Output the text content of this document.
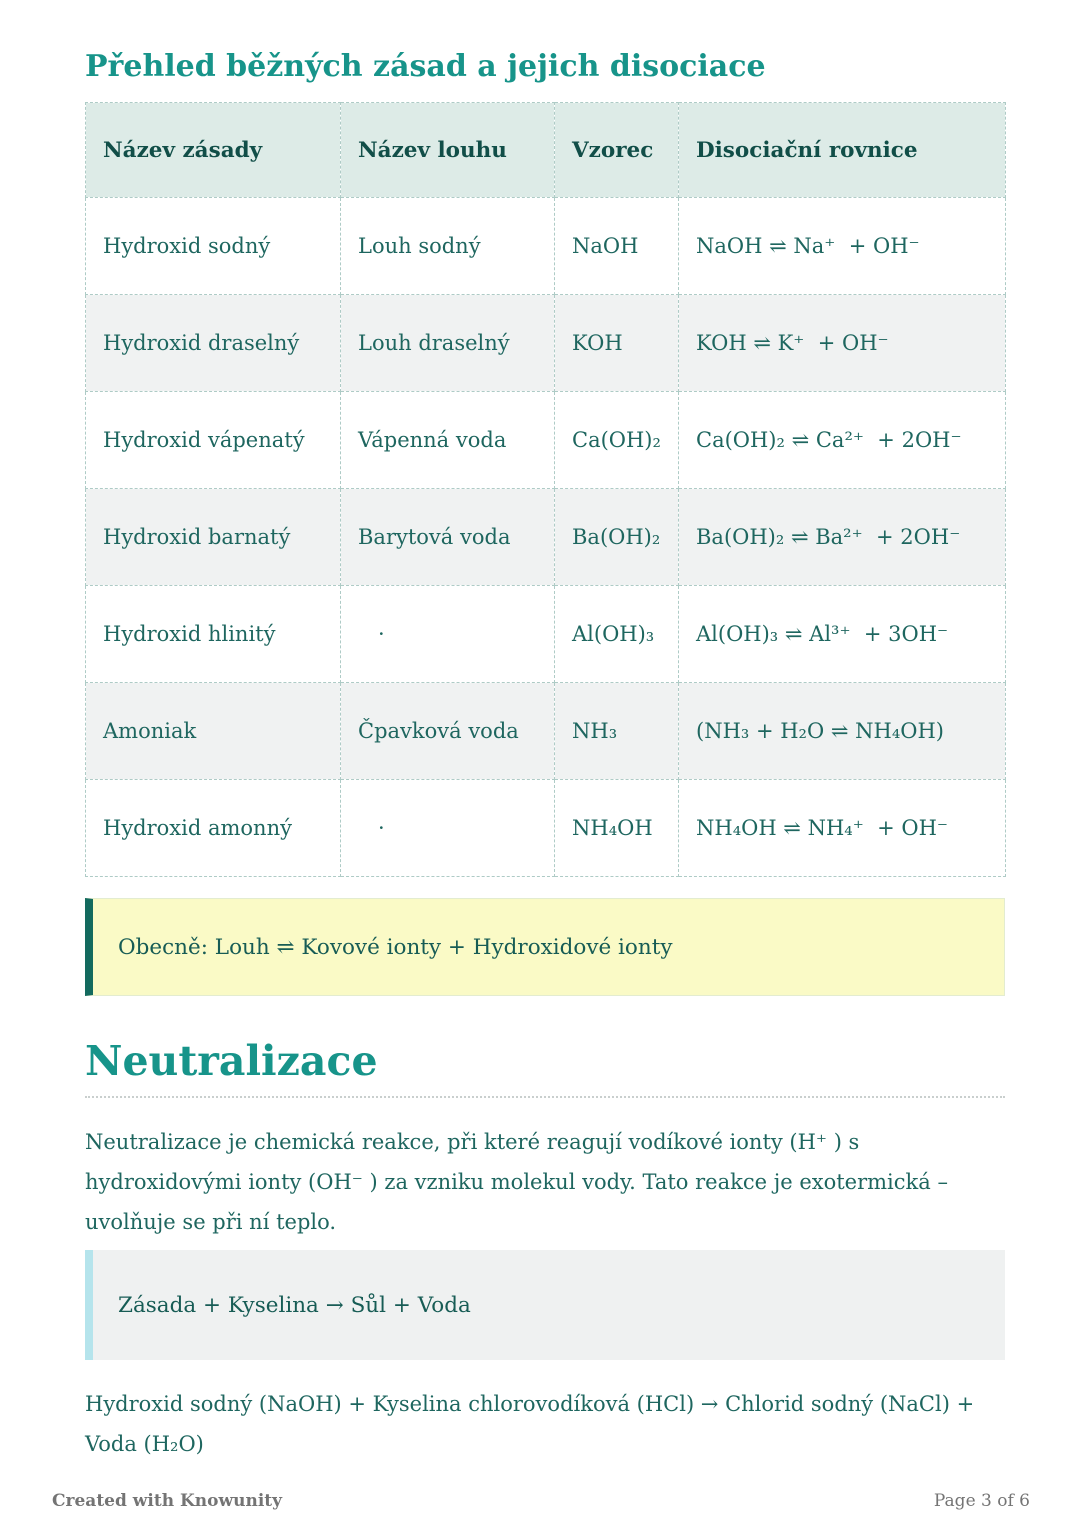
Přehled běžných zásad a jejich disociace
Název zásady	Název louhu	Vzorec	Disociační rovnice
Hydroxid sodný	Louh sodný	NaOH	NaOH ⇌ Na⁺  + OH⁻
Hydroxid draselný	Louh draselný	KOH	KOH ⇌ K⁺  + OH⁻
Hydroxid vápenatý	Vápenná voda	Ca(OH)₂	Ca(OH)₂ ⇌ Ca²⁺  + 2OH⁻
Hydroxid barnatý	Barytová voda	Ba(OH)₂	Ba(OH)₂ ⇌ Ba²⁺  + 2OH⁻
Hydroxid hlinitý	·	Al(OH)₃	Al(OH)₃ ⇌ Al³⁺  + 3OH⁻
Amoniak	Čpavková voda	NH₃	(NH₃ + H₂O ⇌ NH₄OH)
Hydroxid amonný	·	NH₄OH	NH₄OH ⇌ NH₄⁺  + OH⁻
Obecně: Louh ⇌ Kovové ionty + Hydroxidové ionty
Neutralizace

Neutralizace je chemická reakce, při které reagují vodíkové ionty (H⁺ ) s hydroxidovými ionty (OH⁻ ) za vzniku molekul vody. Tato reakce je exotermická – uvolňuje se při ní teplo.

Zásada + Kyselina → Sůl + Voda

Hydroxid sodný (NaOH) + Kyselina chlorovodíková (HCl) → Chlorid sodný (NaCl) + Voda (H₂O)

Created with Knowunity	Page 3 of 6
